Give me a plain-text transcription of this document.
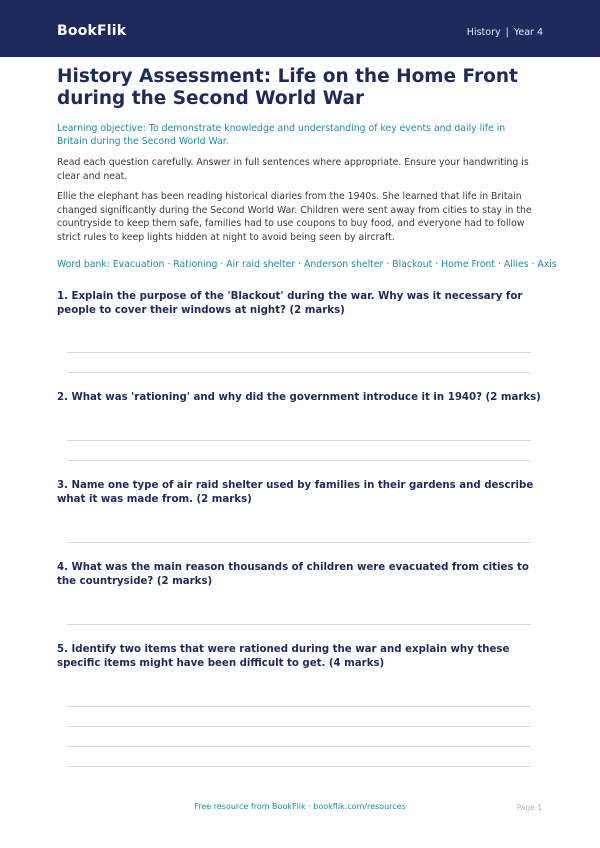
BookFlik	History | Year 4
History Assessment: Life on the Home Front during the Second World War
Learning objective: To demonstrate knowledge and understanding of key events and daily life in Britain during the Second World War.
Read each question carefully. Answer in full sentences where appropriate. Ensure your handwriting is clear and neat.
Ellie the elephant has been reading historical diaries from the 1940s. She learned that life in Britain changed significantly during the Second World War. Children were sent away from cities to stay in the countryside to keep them safe, families had to use coupons to buy food, and everyone had to follow strict rules to keep lights hidden at night to avoid being seen by aircraft.
Word bank: Evacuation · Rationing · Air raid shelter · Anderson shelter · Blackout · Home Front · Allies · Axis
1. Explain the purpose of the 'Blackout' during the war. Why was it necessary for people to cover their windows at night? (2 marks)
2. What was 'rationing' and why did the government introduce it in 1940? (2 marks)
3. Name one type of air raid shelter used by families in their gardens and describe what it was made from. (2 marks)
4. What was the main reason thousands of children were evacuated from cities to the countryside? (2 marks)
5. Identify two items that were rationed during the war and explain why these specific items might have been difficult to get. (4 marks)
Free resource from BookFlik · bookflik.com/resources	Page 1
